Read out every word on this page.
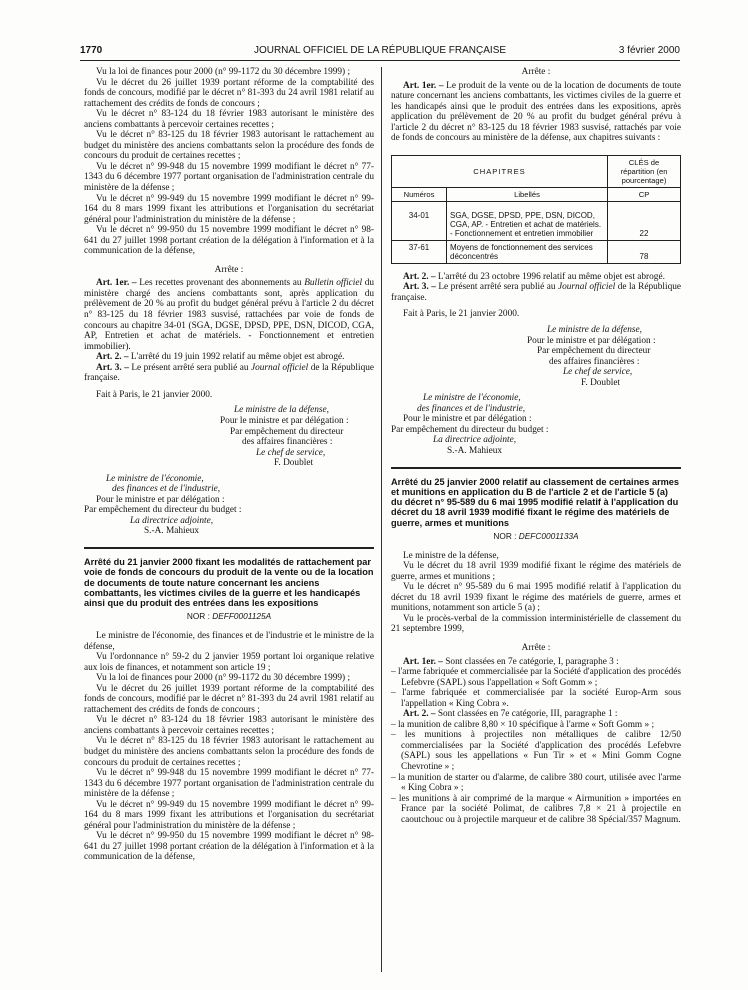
1770	JOURNAL OFFICIEL DE LA RÉPUBLIQUE FRANÇAISE	3 février 2000

Vu la loi de finances pour 2000 (n° 99-1172 du 30 décembre 1999) ;

Vu le décret du 26 juillet 1939 portant réforme de la comptabilité des fonds de concours, modifié par le décret n° 81-393 du 24 avril 1981 relatif au rattachement des crédits de fonds de concours ;

Vu le décret n° 83-124 du 18 février 1983 autorisant le ministère des anciens combattants à percevoir certaines recettes ;

Vu le décret n° 83-125 du 18 février 1983 autorisant le rattachement au budget du ministère des anciens combattants selon la procédure des fonds de concours du produit de certaines recettes ;

Vu le décret n° 99-948 du 15 novembre 1999 modifiant le décret n° 77-1343 du 6 décembre 1977 portant organisation de l'administration centrale du ministère de la défense ;

Vu le décret n° 99-949 du 15 novembre 1999 modifiant le décret n° 99-164 du 8 mars 1999 fixant les attributions et l'organisation du secrétariat général pour l'administration du ministère de la défense ;

Vu le décret n° 99-950 du 15 novembre 1999 modifiant le décret n° 98-641 du 27 juillet 1998 portant création de la délégation à l'information et à la communication de la défense,

Arrête :

Art. 1er. – Les recettes provenant des abonnements au Bulletin officiel du ministère chargé des anciens combattants sont, après application du prélèvement de 20 % au profit du budget général prévu à l'article 2 du décret n° 83-125 du 18 février 1983 susvisé, rattachées par voie de fonds de concours au chapitre 34-01 (SGA, DGSE, DPSD, PPE, DSN, DICOD, CGA, AP, Entretien et achat de matériels. - Fonctionnement et entretien immobilier).

Art. 2. – L'arrêté du 19 juin 1992 relatif au même objet est abrogé.

Art. 3. – Le présent arrêté sera publié au Journal officiel de la République française.

Fait à Paris, le 21 janvier 2000.

Le ministre de la défense,

Pour le ministre et par délégation :

Par empêchement du directeur

des affaires financières :

Le chef de service,

F. Doublet

Le ministre de l'économie,

des finances et de l'industrie,

Pour le ministre et par délégation :

Par empêchement du directeur du budget :

La directrice adjointe,

S.-A. Mahieux

Arrêté du 21 janvier 2000 fixant les modalités de rattachement par voie de fonds de concours du produit de la vente ou de la location de documents de toute nature concernant les anciens combattants, les victimes civiles de la guerre et les handicapés ainsi que du produit des entrées dans les expositions

NOR : DEFF0001125A

Le ministre de l'économie, des finances et de l'industrie et le ministre de la défense,

Vu l'ordonnance n° 59-2 du 2 janvier 1959 portant loi organique relative aux lois de finances, et notamment son article 19 ;

Vu la loi de finances pour 2000 (n° 99-1172 du 30 décembre 1999) ;

Vu le décret du 26 juillet 1939 portant réforme de la comptabilité des fonds de concours, modifié par le décret n° 81-393 du 24 avril 1981 relatif au rattachement des crédits de fonds de concours ;

Vu le décret n° 83-124 du 18 février 1983 autorisant le ministère des anciens combattants à percevoir certaines recettes ;

Vu le décret n° 83-125 du 18 février 1983 autorisant le rattachement au budget du ministère des anciens combattants selon la procédure des fonds de concours du produit de certaines recettes ;

Vu le décret n° 99-948 du 15 novembre 1999 modifiant le décret n° 77-1343 du 6 décembre 1977 portant organisation de l'administration centrale du ministère de la défense ;

Vu le décret n° 99-949 du 15 novembre 1999 modifiant le décret n° 99-164 du 8 mars 1999 fixant les attributions et l'organisation du secrétariat général pour l'administration du ministère de la défense ;

Vu le décret n° 99-950 du 15 novembre 1999 modifiant le décret n° 98-641 du 27 juillet 1998 portant création de la délégation à l'information et à la communication de la défense,

Arrête :

Art. 1er. – Le produit de la vente ou de la location de documents de toute nature concernant les anciens combattants, les victimes civiles de la guerre et les handicapés ainsi que le produit des entrées dans les expositions, après application du prélèvement de 20 % au profit du budget général prévu à l'article 2 du décret n° 83-125 du 18 février 1983 susvisé, rattachés par voie de fonds de concours au ministère de la défense, aux chapitres suivants :

CHAPITRES		CLÉS de répartition (en pourcentage)
Numéros	Libellés	CP
34-01	SGA, DGSE, DPSD, PPE, DSN, DICOD, CGA, AP. - Entretien et achat de matériels. - Fonctionnement et entretien immobilier	22
37-61	Moyens de fonctionnement des services déconcentrés	78

Art. 2. – L'arrêté du 23 octobre 1996 relatif au même objet est abrogé.

Art. 3. – Le présent arrêté sera publié au Journal officiel de la République française.

Fait à Paris, le 21 janvier 2000.

Le ministre de la défense,

Pour le ministre et par délégation :

Par empêchement du directeur

des affaires financières :

Le chef de service,

F. Doublet

Le ministre de l'économie,

des finances et de l'industrie,

Pour le ministre et par délégation :

Par empêchement du directeur du budget :

La directrice adjointe,

S.-A. Mahieux

Arrêté du 25 janvier 2000 relatif au classement de certaines armes et munitions en application du B de l'article 2 et de l'article 5 (a) du décret n° 95-589 du 6 mai 1995 modifié relatif à l'application du décret du 18 avril 1939 modifié fixant le régime des matériels de guerre, armes et munitions

NOR : DEFC0001133A

Le ministre de la défense,

Vu le décret du 18 avril 1939 modifié fixant le régime des matériels de guerre, armes et munitions ;

Vu le décret n° 95-589 du 6 mai 1995 modifié relatif à l'application du décret du 18 avril 1939 fixant le régime des matériels de guerre, armes et munitions, notamment son article 5 (a) ;

Vu le procès-verbal de la commission interministérielle de classement du 21 septembre 1999,

Arrête :

Art. 1er. – Sont classées en 7e catégorie, I, paragraphe 3 :

– l'arme fabriquée et commercialisée par la Société d'application des procédés Lefebvre (SAPL) sous l'appellation « Soft Gomm » ;

– l'arme fabriquée et commercialisée par la société Europ-Arm sous l'appellation « King Cobra ».

Art. 2. – Sont classées en 7e catégorie, III, paragraphe 1 :

– la munition de calibre 8,80 × 10 spécifique à l'arme « Soft Gomm » ;

– les munitions à projectiles non métalliques de calibre 12/50 commercialisées par la Société d'application des procédés Lefebvre (SAPL) sous les appellations « Fun Tir » et « Mini Gomm Cogne Chevrotine » ;

– la munition de starter ou d'alarme, de calibre 380 court, utilisée avec l'arme « King Cobra » ;

– les munitions à air comprimé de la marque « Airmunition » importées en France par la société Polimat, de calibres 7,8 × 21 à projectile en caoutchouc ou à projectile marqueur et de calibre 38 Spécial/357 Magnum.
